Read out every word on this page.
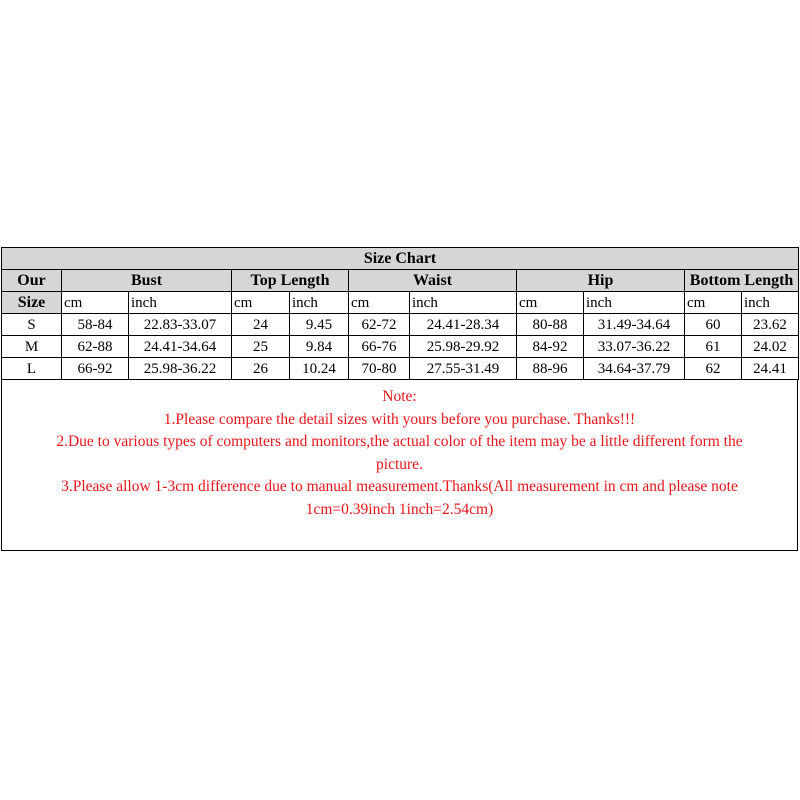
Size Chart										
Our	Bust		Top Length		Waist		Hip		Bottom Length	
Size	cm	inch	cm	inch	cm	inch	cm	inch	cm	inch
S	58-84	22.83-33.07	24	9.45	62-72	24.41-28.34	80-88	31.49-34.64	60	23.62
M	62-88	24.41-34.64	25	9.84	66-76	25.98-29.92	84-92	33.07-36.22	61	24.02
L	66-92	25.98-36.22	26	10.24	70-80	27.55-31.49	88-96	34.64-37.79	62	24.41
Note:
1.Please compare the detail sizes with yours before you purchase. Thanks!!!
2.Due to various types of computers and monitors,the actual color of the item may be a little different form the
picture.
3.Please allow 1-3cm difference due to manual measurement.Thanks(All measurement in cm and please note
1cm=0.39inch 1inch=2.54cm)
